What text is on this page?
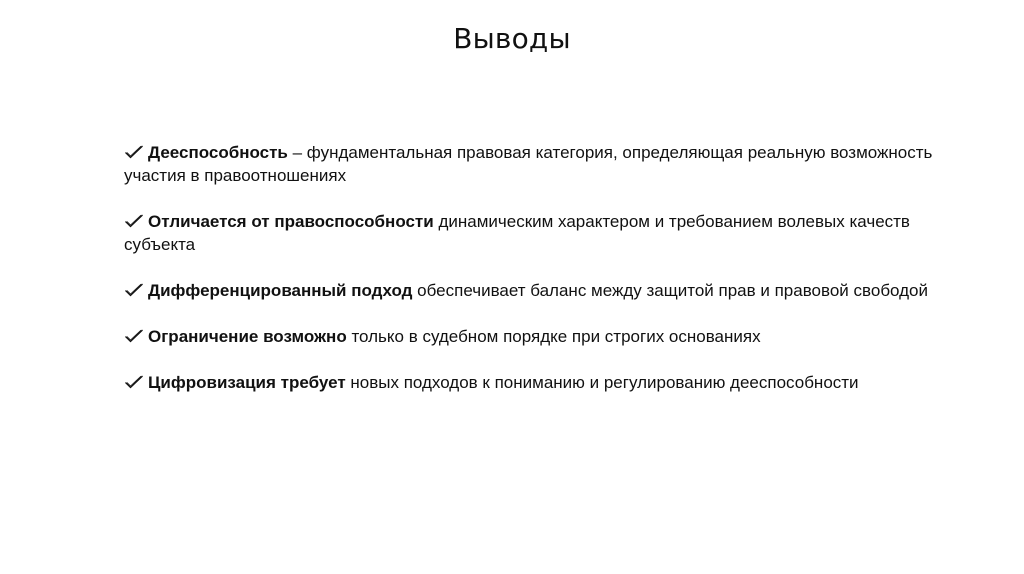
Выводы
Дееспособность – фундаментальная правовая категория, определяющая реальную возможность участия в правоотношениях
Отличается от правоспособности динамическим характером и требованием волевых качеств субъекта
Дифференцированный подход обеспечивает баланс между защитой прав и правовой свободой
Ограничение возможно только в судебном порядке при строгих основаниях
Цифровизация требует новых подходов к пониманию и регулированию дееспособности
